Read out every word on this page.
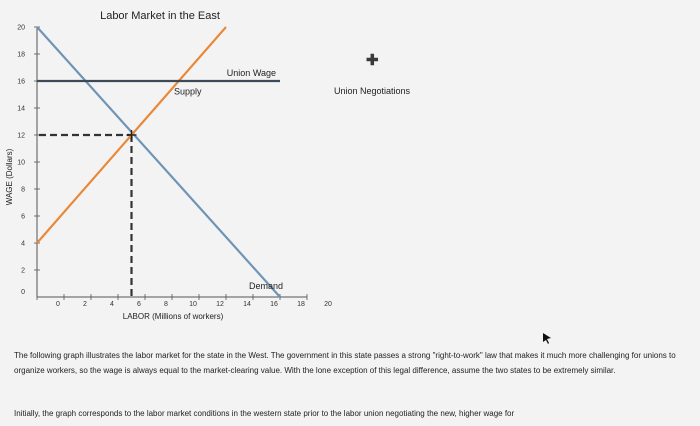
Labor Market in the East
2
4
6
8
10
12
14
16
18
20
0
0	2	4	6	8	10	12	14	16	18	20
Union Wage
Supply
Demand
LABOR (Millions of workers)
WAGE (Dollars)
✚
Union Negotiations
The following graph illustrates the labor market for the state in the West. The government in this state passes a strong "right-to-work" law that makes it much more challenging for unions to organize workers, so the wage is always equal to the market-clearing value. With the lone exception of this legal difference, assume the two states to be extremely similar.
Initially, the graph corresponds to the labor market conditions in the western state prior to the labor union negotiating the new, higher wage for
